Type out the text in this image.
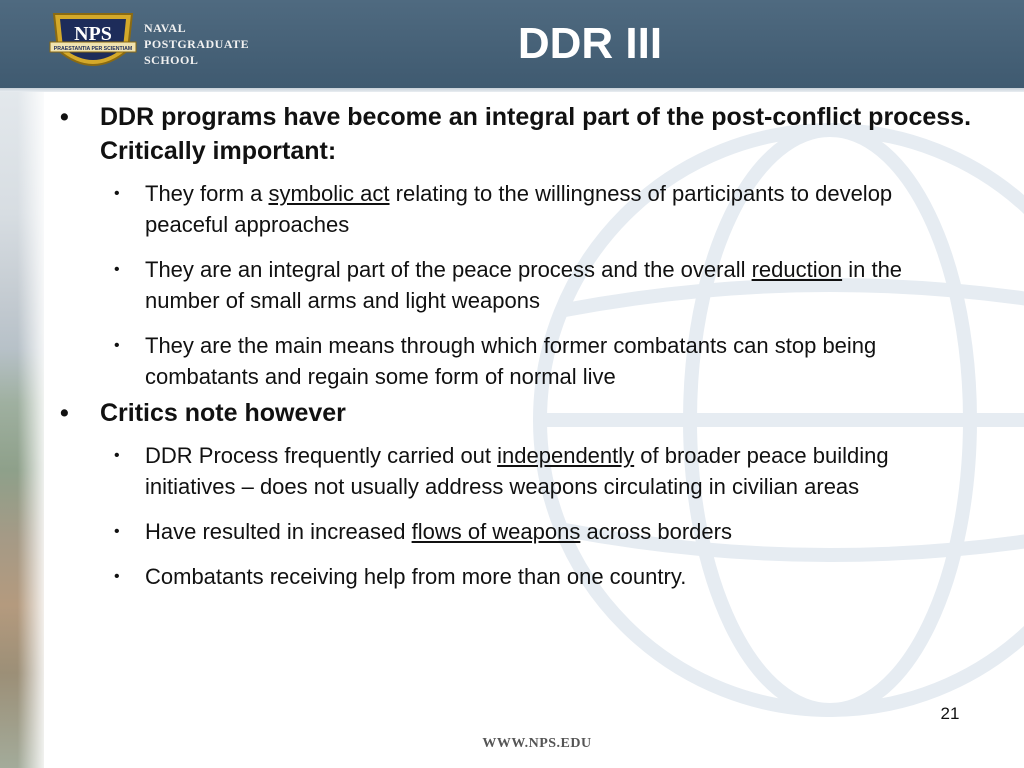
NPS
PRAESTANTIA PER SCIENTIAM
NAVAL
POSTGRADUATE
SCHOOL	DDR III
• DDR programs have become an integral part of the post-conflict process. Critically important:
• They form a symbolic act relating to the willingness of participants to develop peaceful approaches
• They are an integral part of the peace process and the overall reduction in the number of small arms and light weapons
• They are the main means through which former combatants can stop being combatants and regain some form of normal live
• Critics note however
• DDR Process frequently carried out independently of broader peace building initiatives – does not usually address weapons circulating in civilian areas
• Have resulted in increased flows of weapons across borders
• Combatants receiving help from more than one country.
21
WWW.NPS.EDU
